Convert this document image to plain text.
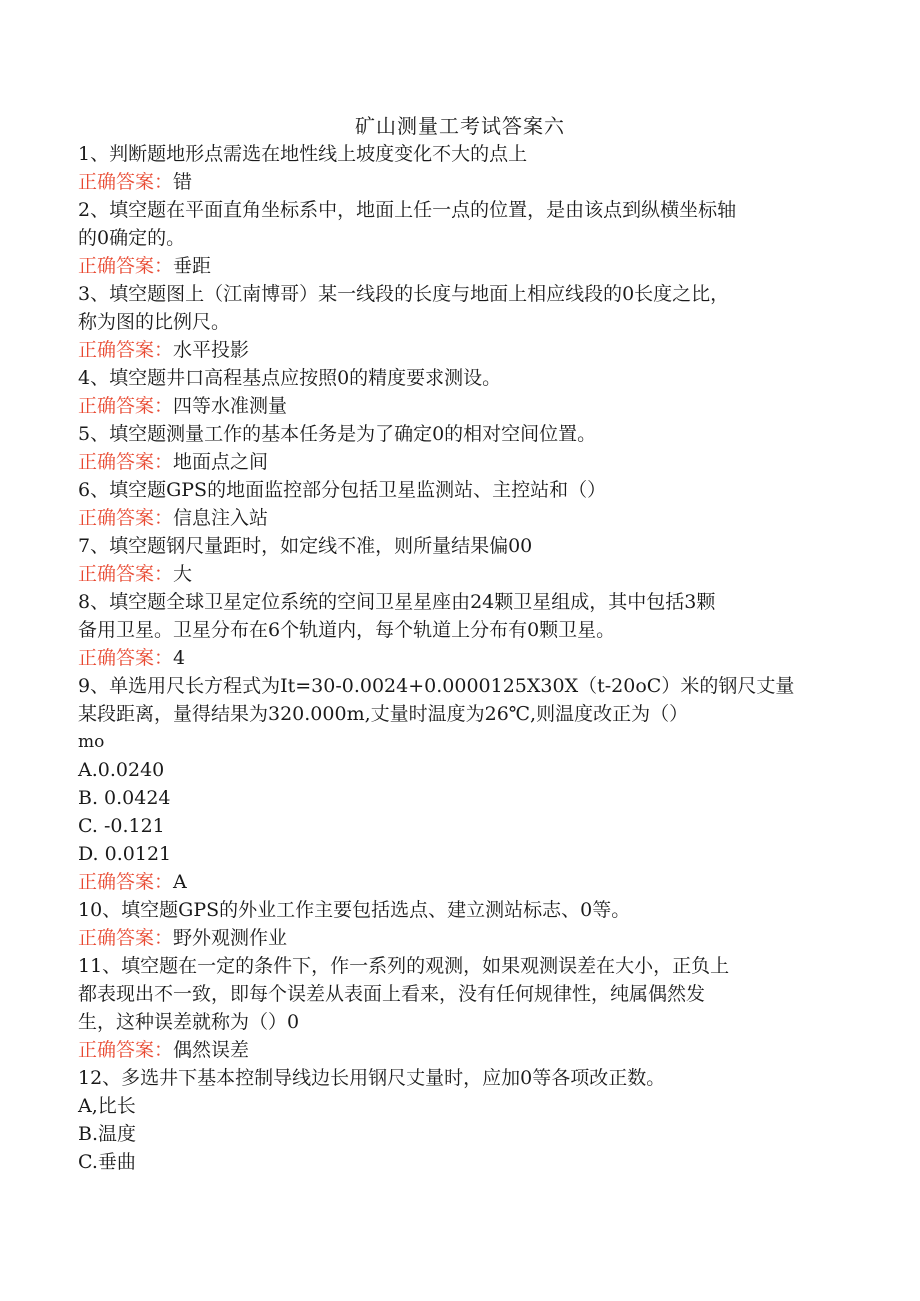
矿山测量工考试答案六
1、判断题地形点需选在地性线上坡度变化不大的点上
正确答案：错
2、填空题在平面直角坐标系中，地面上任一点的位置，是由该点到纵横坐标轴
的0确定的。
正确答案：垂距
3、填空题图上（江南博哥）某一线段的长度与地面上相应线段的0长度之比，
称为图的比例尺。
正确答案：水平投影
4、填空题井口高程基点应按照0的精度要求测设。
正确答案：四等水准测量
5、填空题测量工作的基本任务是为了确定0的相对空间位置。
正确答案：地面点之间
6、填空题GPS的地面监控部分包括卫星监测站、主控站和（）
正确答案：信息注入站
7、填空题钢尺量距时，如定线不准，则所量结果偏00
正确答案：大
8、填空题全球卫星定位系统的空间卫星星座由24颗卫星组成，其中包括3颗
备用卫星。卫星分布在6个轨道内，每个轨道上分布有0颗卫星。
正确答案：4
9、单选用尺长方程式为It=30-0.0024+0.0000125X30X（t-20oC）米的钢尺丈量
某段距离，量得结果为320.000m,丈量时温度为26℃,则温度改正为（）
mo
A.0.0240
B. 0.0424
C. -0.121
D. 0.0121
正确答案：A
10、填空题GPS的外业工作主要包括选点、建立测站标志、0等。
正确答案：野外观测作业
11、填空题在一定的条件下，作一系列的观测，如果观测误差在大小，正负上
都表现出不一致，即每个误差从表面上看来，没有任何规律性，纯属偶然发
生，这种误差就称为（）0
正确答案：偶然误差
12、多选井下基本控制导线边长用钢尺丈量时，应加0等各项改正数。
A,比长
B.温度
C.垂曲
